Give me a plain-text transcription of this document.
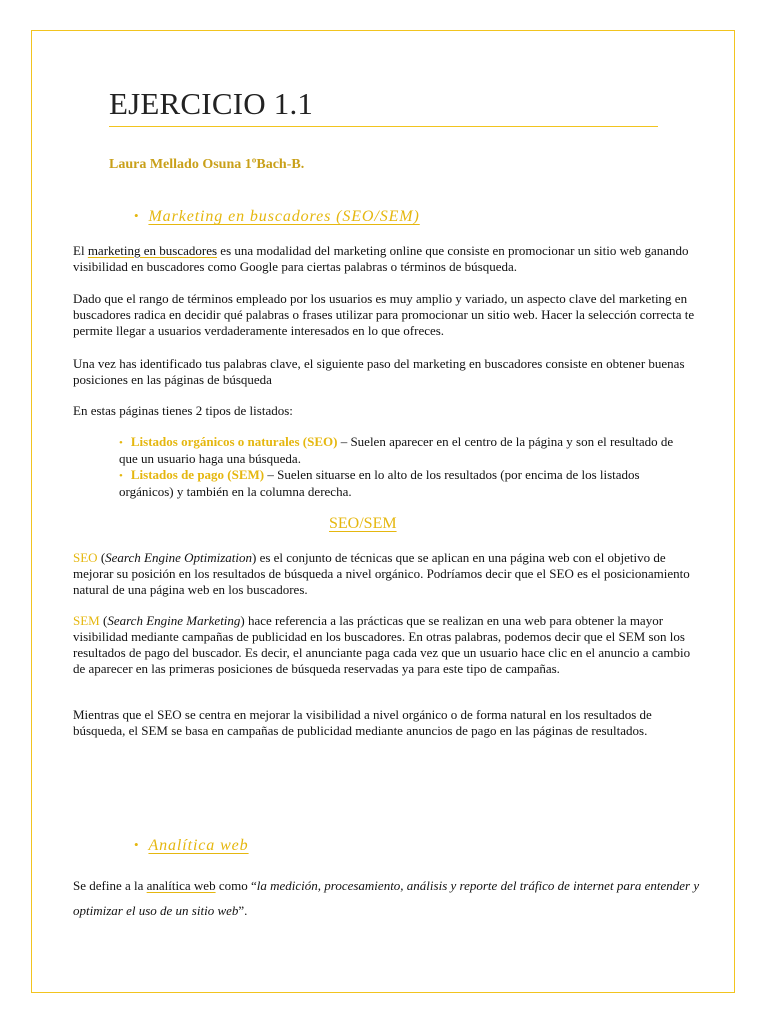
EJERCICIO 1.1
Laura Mellado Osuna 1ºBach-B.
• Marketing en buscadores (SEO/SEM)

El marketing en buscadores es una modalidad del marketing online que consiste en promocionar un sitio web ganando visibilidad en buscadores como Google para ciertas palabras o términos de búsqueda.

Dado que el rango de términos empleado por los usuarios es muy amplio y variado, un aspecto clave del marketing en buscadores radica en decidir qué palabras o frases utilizar para promocionar un sitio web. Hacer la selección correcta te permite llegar a usuarios verdaderamente interesados en lo que ofreces.

Una vez has identificado tus palabras clave, el siguiente paso del marketing en buscadores consiste en obtener buenas posiciones en las páginas de búsqueda

En estas páginas tienes 2 tipos de listados:

• Listados orgánicos o naturales (SEO) – Suelen aparecer en el centro de la página y son el resultado de que un usuario haga una búsqueda.
• Listados de pago (SEM) – Suelen situarse en lo alto de los resultados (por encima de los listados orgánicos) y también en la columna derecha.
SEO/SEM

SEO (Search Engine Optimization) es el conjunto de técnicas que se aplican en una página web con el objetivo de mejorar su posición en los resultados de búsqueda a nivel orgánico. Podríamos decir que el SEO es el posicionamiento natural de una página web en los buscadores.

SEM (Search Engine Marketing) hace referencia a las prácticas que se realizan en una web para obtener la mayor visibilidad mediante campañas de publicidad en los buscadores. En otras palabras, podemos decir que el SEM son los resultados de pago del buscador. Es decir, el anunciante paga cada vez que un usuario hace clic en el anuncio a cambio de aparecer en las primeras posiciones de búsqueda reservadas ya para este tipo de campañas.

Mientras que el SEO se centra en mejorar la visibilidad a nivel orgánico o de forma natural en los resultados de búsqueda, el SEM se basa en campañas de publicidad mediante anuncios de pago en las páginas de resultados.

• Analítica web

Se define a la analítica web como “la medición, procesamiento, análisis y reporte del tráfico de internet para entender y optimizar el uso de un sitio web”.
